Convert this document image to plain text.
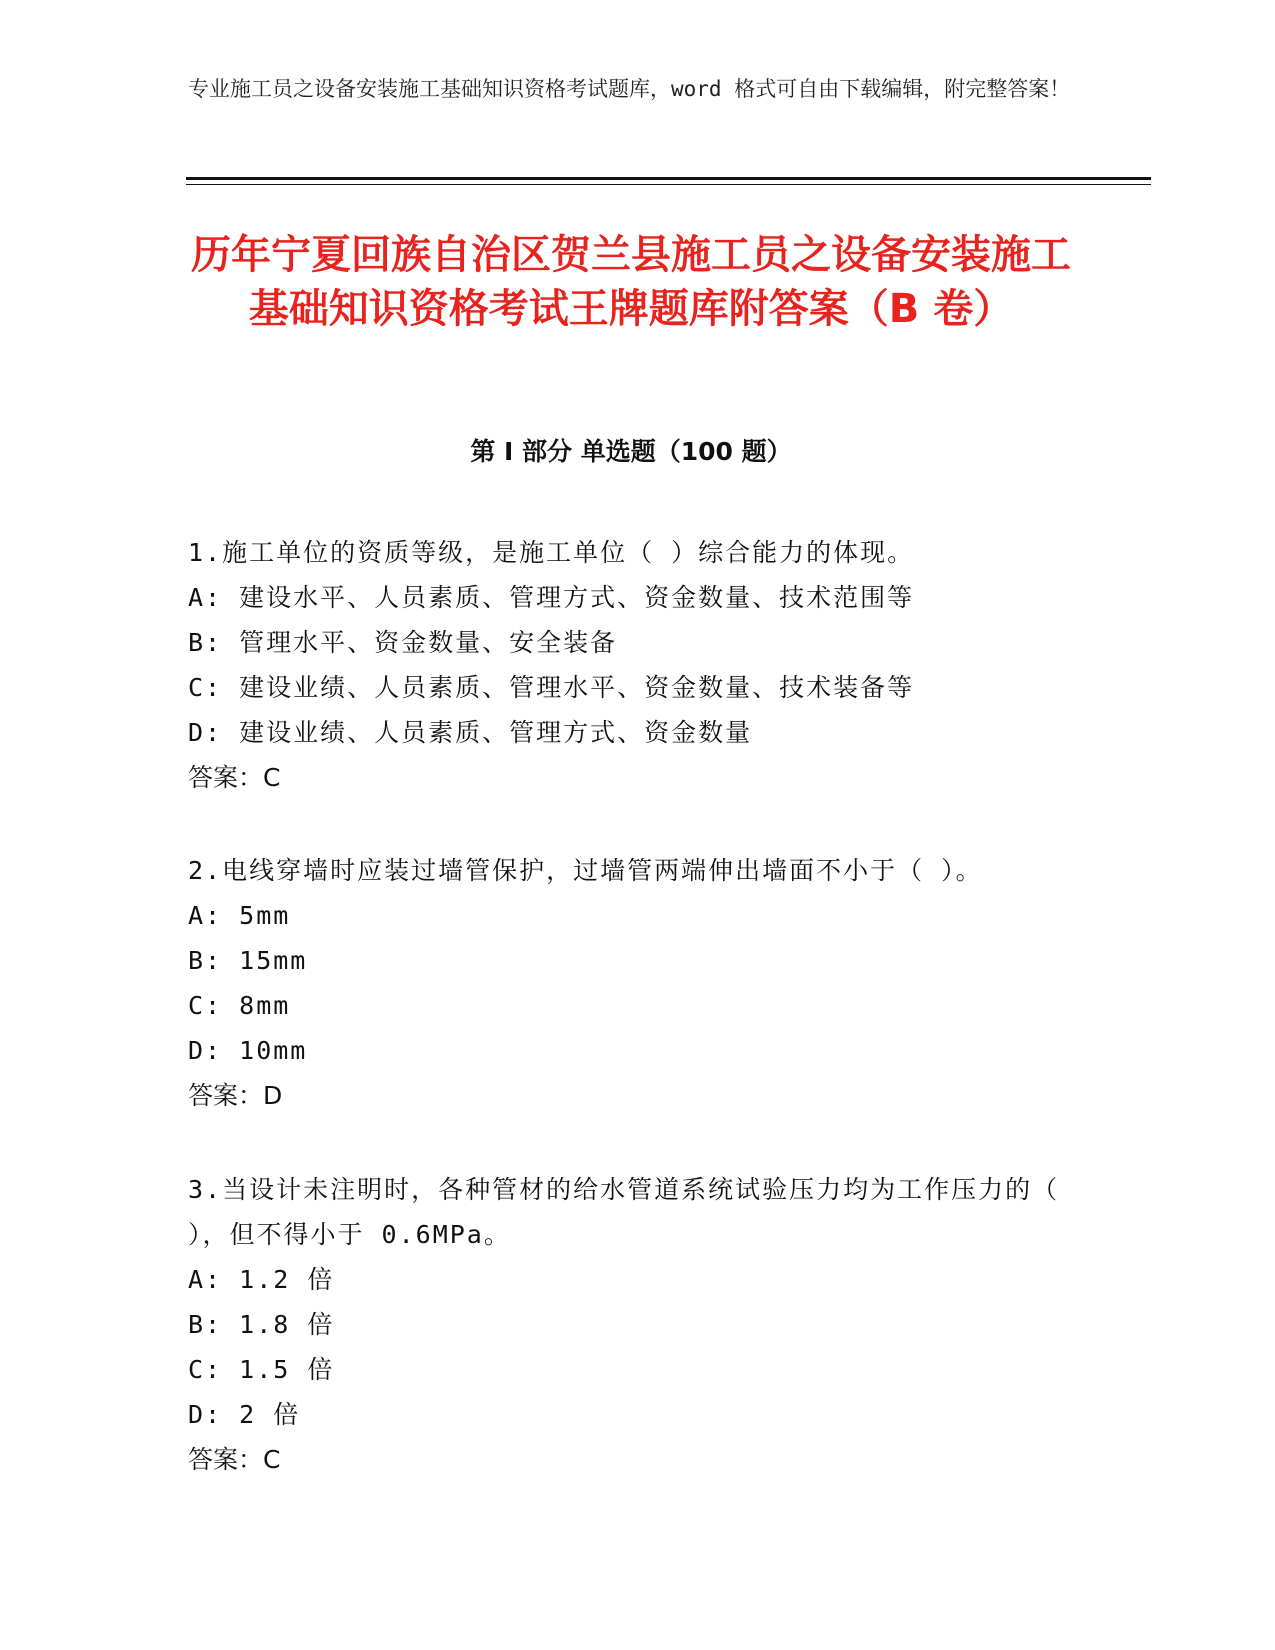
专业施工员之设备安装施工基础知识资格考试题库，word 格式可自由下载编辑，附完整答案！
历年宁夏回族自治区贺兰县施工员之设备安装施工基础知识资格考试王牌题库附答案（B 卷）
第 I 部分 单选题（100 题）
1.施工单位的资质等级，是施工单位（ ）综合能力的体现。
A: 建设水平、人员素质、管理方式、资金数量、技术范围等
B: 管理水平、资金数量、安全装备
C: 建设业绩、人员素质、管理水平、资金数量、技术装备等
D: 建设业绩、人员素质、管理方式、资金数量
答案：C
2.电线穿墙时应装过墙管保护，过墙管两端伸出墙面不小于（ ）。
A: 5mm
B: 15mm
C: 8mm
D: 10mm
答案：D
3.当设计未注明时，各种管材的给水管道系统试验压力均为工作压力的（ ），但不得小于 0.6MPa。
A: 1.2 倍
B: 1.8 倍
C: 1.5 倍
D: 2 倍
答案：C
